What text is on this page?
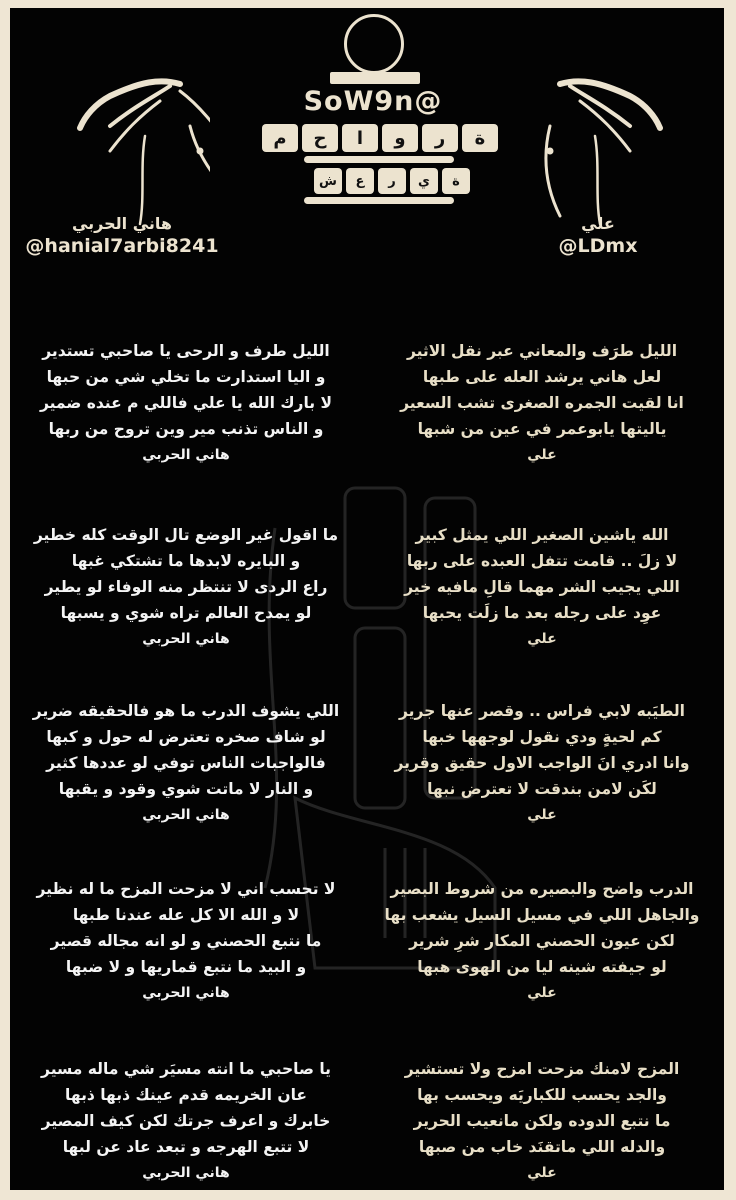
SoW9n@
م	ح	ا	و	ر	ة
ش	ع	ر	ي	ة
هاني الحربي
@hanial7arbi8241
علي
@LDmx
الليل طرَف والمعاني عبر نقل الاثير
لعل هاني يرشد العله على طبها
انا لقيت الجمره الصغرى تشب السعير
ياليتها يابوعمر في عين من شبها
علي
الله ياشين الصغير اللي يمثل كبير
لا زلَ .. قامت تتفل العبده على ربها
اللي يجيب الشر مهما قالِ مافيه خير
عوِد على رجله بعد ما زلَت يحبها
علي
الطيَبه لابي فراس .. وقصر عنها جرير
كم لحيةٍ ودي نقول لوجهها خبها
وانا ادري انَ الواجب الاول حقيق وقرير
لكَن لامن بندقت لا تعترض نبها
علي
الدرب واضح والبصيره من شروط البصير
والجاهل اللي في مسيل السيل يشعب بها
لكن عيون الحصني المكار شرِ شرير
لو جيفته شينه ليا من الهوى هبها
علي
المزح لامنك مزحت امزح ولا تستشير
والجد يحسب للكباريَه ويحسب بها
ما نتبع الدوده ولكن مانعيب الحرير
والدله اللي ماتقنَد خاب من صبها
علي
الليل طرف و الرحى يا صاحبي تستدير
و اليا استدارت ما تخلي شي من حبها
لا بارك الله يا علي فاللي م عنده ضمير
و الناس تذنب مير وين تروح من ربها
هاني الحربي
ما اقول غير الوضع تال الوقت كله خطير
و البايره لابدها ما تشتكي غبها
راع الردى لا تنتظر منه الوفاء لو يطير
لو يمدح العالم تراه شوي و يسبها
هاني الحربي
اللي يشوف الدرب ما هو فالحقيقه ضرير
لو شاف صخره تعترض له حول و كبها
فالواجبات الناس توفي لو عددها كثير
و النار لا ماتت شوي وقود و يقبها
هاني الحربي
لا تحسب اني لا مزحت المزح ما له نظير
لا و الله الا كل عله عندنا طبها
ما نتبع الحصني و لو انه مجاله قصير
و البيد ما نتبع قماريها و لا ضبها
هاني الحربي
يا صاحبي ما انته مسيَر شي ماله مسير
عان الخريمه قدم عينك ذبها ذبها
خابرك و اعرف جرتك لكن كيف المصير
لا تتبع الهرجه و تبعد عاد عن لبها
هاني الحربي
